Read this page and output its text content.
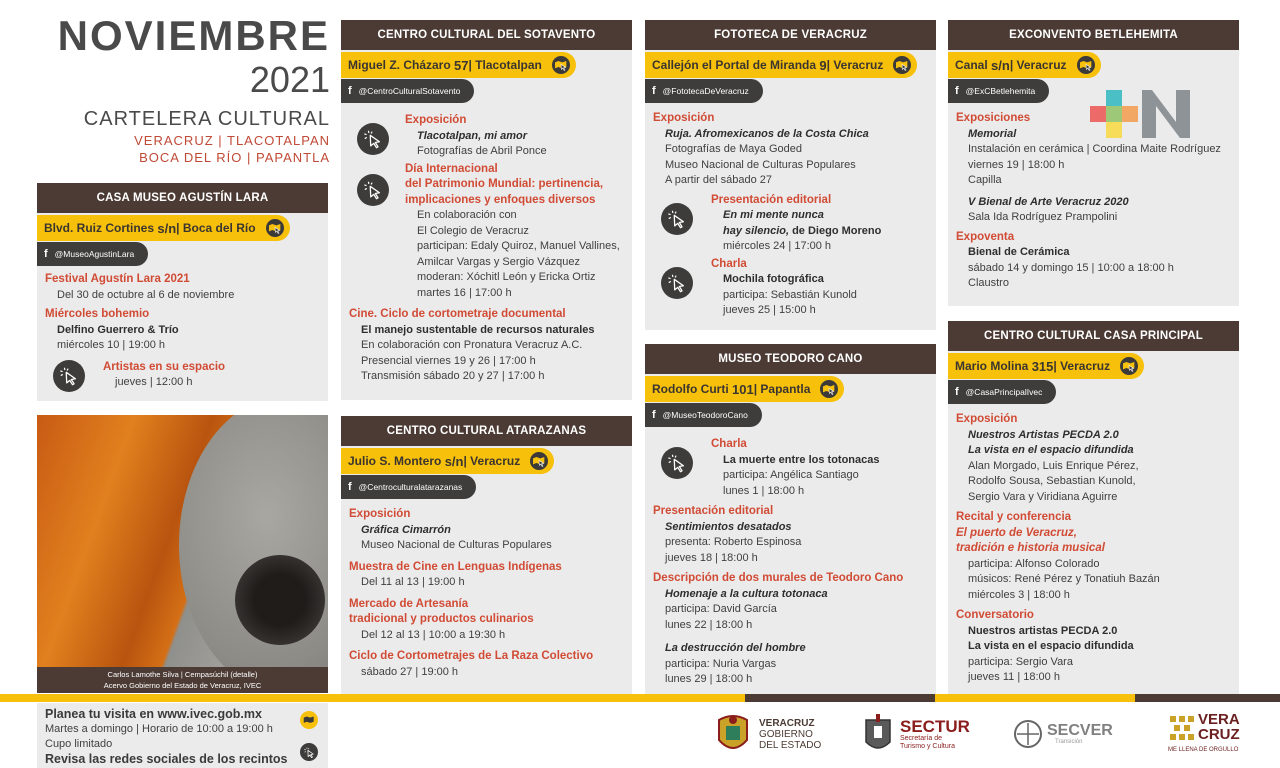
NOVIEMBRE
2021
CARTELERA CULTURAL
VERACRUZ | TLACOTALPAN
BOCA DEL RÍO | PAPANTLA
CASA MUSEO AGUSTÍN LARA
Blvd. Ruiz Cortines
s/n | Boca del Río
f @MuseoAgustinLara
Festival Agustín Lara 2021
Del 30 de octubre al 6 de noviembre
Miércoles bohemio
Delfino Guerrero & Trío
miércoles 10 | 19:00 h
Artistas en su espacio
jueves | 12:00 h
Carlos Lamothe Silva | Cempasúchil (detalle)
Acervo Gobierno del Estado de Veracruz, IVEC
CENTRO CULTURAL DEL SOTAVENTO
Miguel Z. Cházaro
57 | Tlacotalpan
f @CentroCulturalSotavento
Exposición
Tlacotalpan, mi amor
Fotografías de Abril Ponce
Día Internacional
del Patrimonio Mundial: pertinencia,
implicaciones y enfoques diversos
En colaboración con
El Colegio de Veracruz
participan: Edaly Quiroz, Manuel Vallines,
Amilcar Vargas y Sergio Vázquez
moderan: Xóchitl León y Ericka Ortiz
martes 16 | 17:00 h
Cine. Ciclo de cortometraje documental
El manejo sustentable de recursos naturales
En colaboración con Pronatura Veracruz A.C.
Presencial viernes 19 y 26 | 17:00 h
Transmisión sábado 20 y 27 | 17:00 h
CENTRO CULTURAL ATARAZANAS
Julio S. Montero
s/n | Veracruz
f @Centroculturalatarazanas
Exposición
Gráfica Cimarrón
Museo Nacional de Culturas Populares
Muestra de Cine en Lenguas Indígenas
Del 11 al 13 | 19:00 h
Mercado de Artesanía
tradicional y productos culinarios
Del 12 al 13 | 10:00 a 19:30 h
Ciclo de Cortometrajes de La Raza Colectivo
sábado 27 | 19:00 h
FOTOTECA DE VERACRUZ
Callejón el Portal de Miranda
9 | Veracruz
f @FototecaDeVeracruz
Exposición
Ruja. Afromexicanos de la Costa Chica
Fotografías de Maya Goded
Museo Nacional de Culturas Populares
A partir del sábado 27
Presentación editorial
En mi mente nunca
hay silencio, de Diego Moreno
miércoles 24 | 17:00 h
Charla
Mochila fotográfica
participa: Sebastián Kunold
jueves 25 | 15:00 h
MUSEO TEODORO CANO
Rodolfo Curti
101 | Papantla
f @MuseoTeodoroCano
Charla
La muerte entre los totonacas
participa: Angélica Santiago
lunes 1 | 18:00 h
Presentación editorial
Sentimientos desatados
presenta: Roberto Espinosa
jueves 18 | 18:00 h
Descripción de dos murales de Teodoro Cano
Homenaje a la cultura totonaca
participa: David García
lunes 22 | 18:00 h
La destrucción del hombre
participa: Nuria Vargas
lunes 29 | 18:00 h
EXCONVENTO BETLEHEMITA
Canal
s/n | Veracruz
f @ExCBetlehemita
Exposiciones
Memorial
Instalación en cerámica | Coordina Maite Rodríguez
viernes 19 | 18:00 h
Capilla
V Bienal de Arte Veracruz 2020
Sala Ida Rodríguez Prampolini
Expoventa
Bienal de Cerámica
sábado 14 y domingo 15 | 10:00 a 18:00 h
Claustro
CENTRO CULTURAL CASA PRINCIPAL
Mario Molina
315 | Veracruz
f @CasaPrincipalIvec
Exposición
Nuestros Artistas PECDA 2.0
La vista en el espacio difundida
Alan Morgado, Luis Enrique Pérez,
Rodolfo Sousa, Sebastian Kunold,
Sergio Vara y Viridiana Aguirre
Recital y conferencia
El puerto de Veracruz,
tradición e historia musical
participa: Alfonso Colorado
músicos: René Pérez y Tonatiuh Bazán
miércoles 3 | 18:00 h
Conversatorio
Nuestros artistas PECDA 2.0
La vista en el espacio difundida
participa: Sergio Vara
jueves 11 | 18:00 h
Planea tu visita en www.ivec.gob.mx
Martes a domingo | Horario de 10:00 a 19:00 h
Cupo limitado
Revisa las redes sociales de los recintos
VERACRUZ
GOBIERNO
DEL ESTADO
SECTUR
Secretaría de
Turismo y Cultura
SECVER
Transición
VERA
CRUZ
ME LLENA DE ORGULLO
